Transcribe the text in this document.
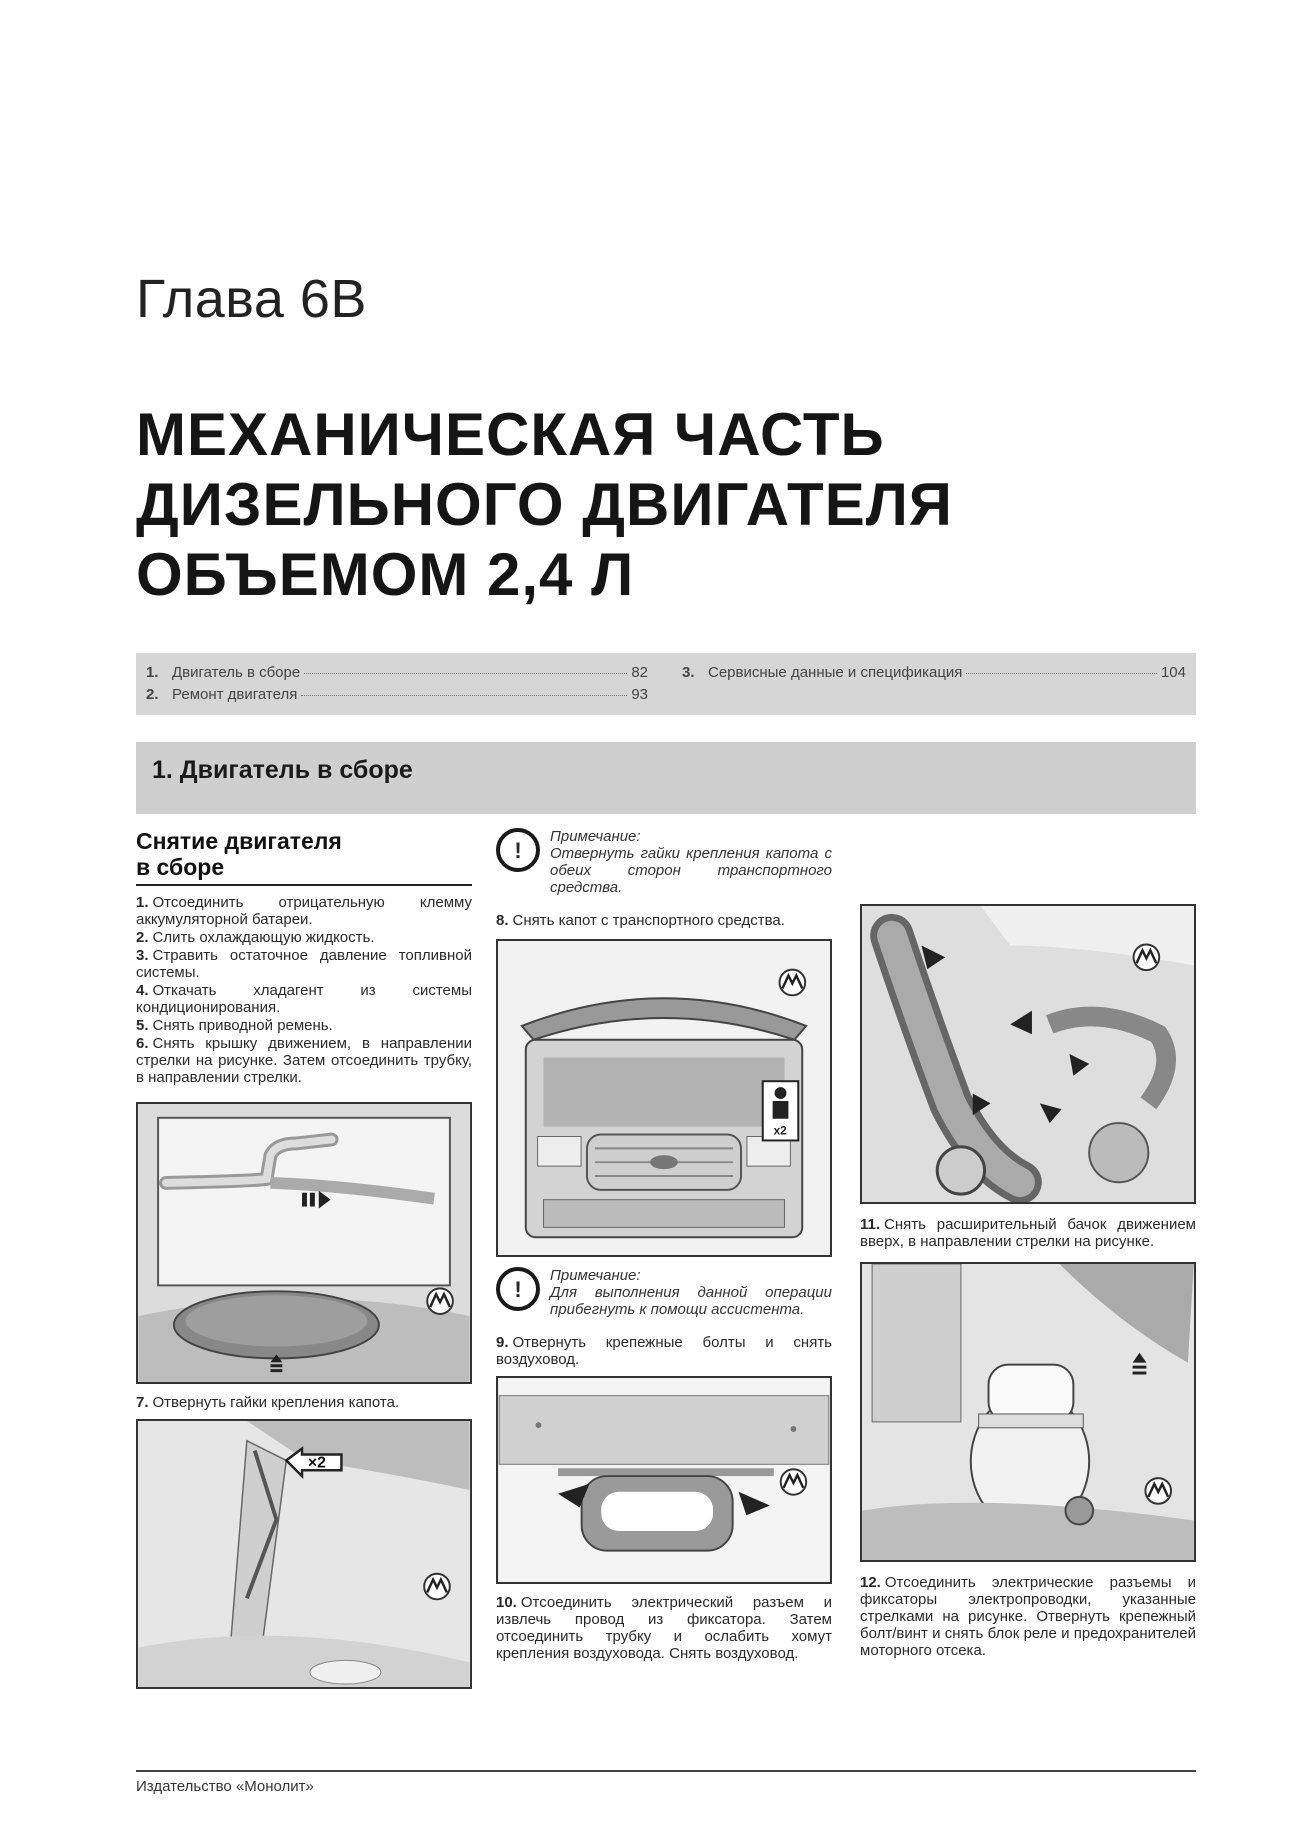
Глава 6В
МЕХАНИЧЕСКАЯ ЧАСТЬ
ДИЗЕЛЬНОГО ДВИГАТЕЛЯ
ОБЪЕМОМ 2,4 Л
1. Двигатель в сборе	82
2. Ремонт двигателя	93
3. Сервисные данные и спецификация	104
1. Двигатель в сборе
Снятие двигателя
в сборе
1. Отсоединить отрицательную клемму аккумуляторной батареи.
2. Слить охлаждающую жидкость.
3. Стравить остаточное давление топливной системы.
4. Откачать хладагент из системы кондиционирования.
5. Снять приводной ремень.
6. Снять крышку движением, в направлении стрелки на рисунке. Затем отсоединить трубку, в направлении стрелки.
7. Отвернуть гайки крепления капота.
×2
!
Примечание:
Отвернуть гайки крепления капота с обеих сторон транспортного средства.
8. Снять капот с транспортного средства.
x2
!
Примечание:
Для выполнения данной операции прибегнуть к помощи ассистента.
9. Отвернуть крепежные болты и снять воздуховод.
10. Отсоединить электрический разъем и извлечь провод из фиксатора. Затем отсоединить трубку и ослабить хомут крепления воздуховода. Снять воздуховод.
11. Снять расширительный бачок движением вверх, в направлении стрелки на рисунке.
12. Отсоединить электрические разъемы и фиксаторы электропроводки, указанные стрелками на рисунке. Отвернуть крепежный болт/винт и снять блок реле и предохранителей моторного отсека.
Издательство «Монолит»
